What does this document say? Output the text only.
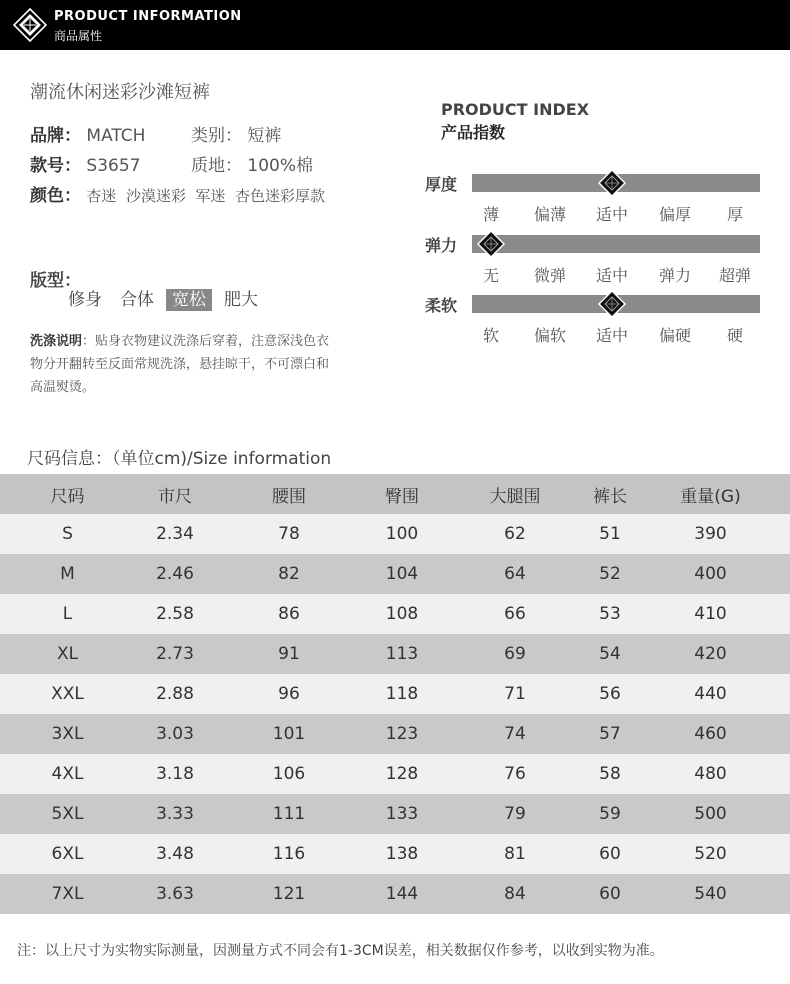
PRODUCT INFORMATION
商品属性
潮流休闲迷彩沙滩短裤
品牌： MATCH	类别： 短裤
款号： S3657	质地： 100%棉
颜色： 杏迷  沙漠迷彩  军迷  杏色迷彩厚款
版型：
修身	合体	宽松	肥大
洗涤说明：贴身衣物建议洗涤后穿着，注意深浅色衣物分开翻转至反面常规洗涤，悬挂晾干，不可漂白和高温熨烫。
PRODUCT INDEX
产品指数
厚度
薄	偏薄	适中	偏厚	厚
弹力
无	微弹	适中	弹力	超弹
柔软
软	偏软	适中	偏硬	硬
尺码信息：（单位cm)/Size information
尺码	市尺	腰围	臀围	大腿围	裤长	重量(G)
S	2.34	78	100	62	51	390
M	2.46	82	104	64	52	400
L	2.58	86	108	66	53	410
XL	2.73	91	113	69	54	420
XXL	2.88	96	118	71	56	440
3XL	3.03	101	123	74	57	460
4XL	3.18	106	128	76	58	480
5XL	3.33	111	133	79	59	500
6XL	3.48	116	138	81	60	520
7XL	3.63	121	144	84	60	540
注：以上尺寸为实物实际测量，因测量方式不同会有1-3CM误差，相关数据仅作参考，以收到实物为准。
